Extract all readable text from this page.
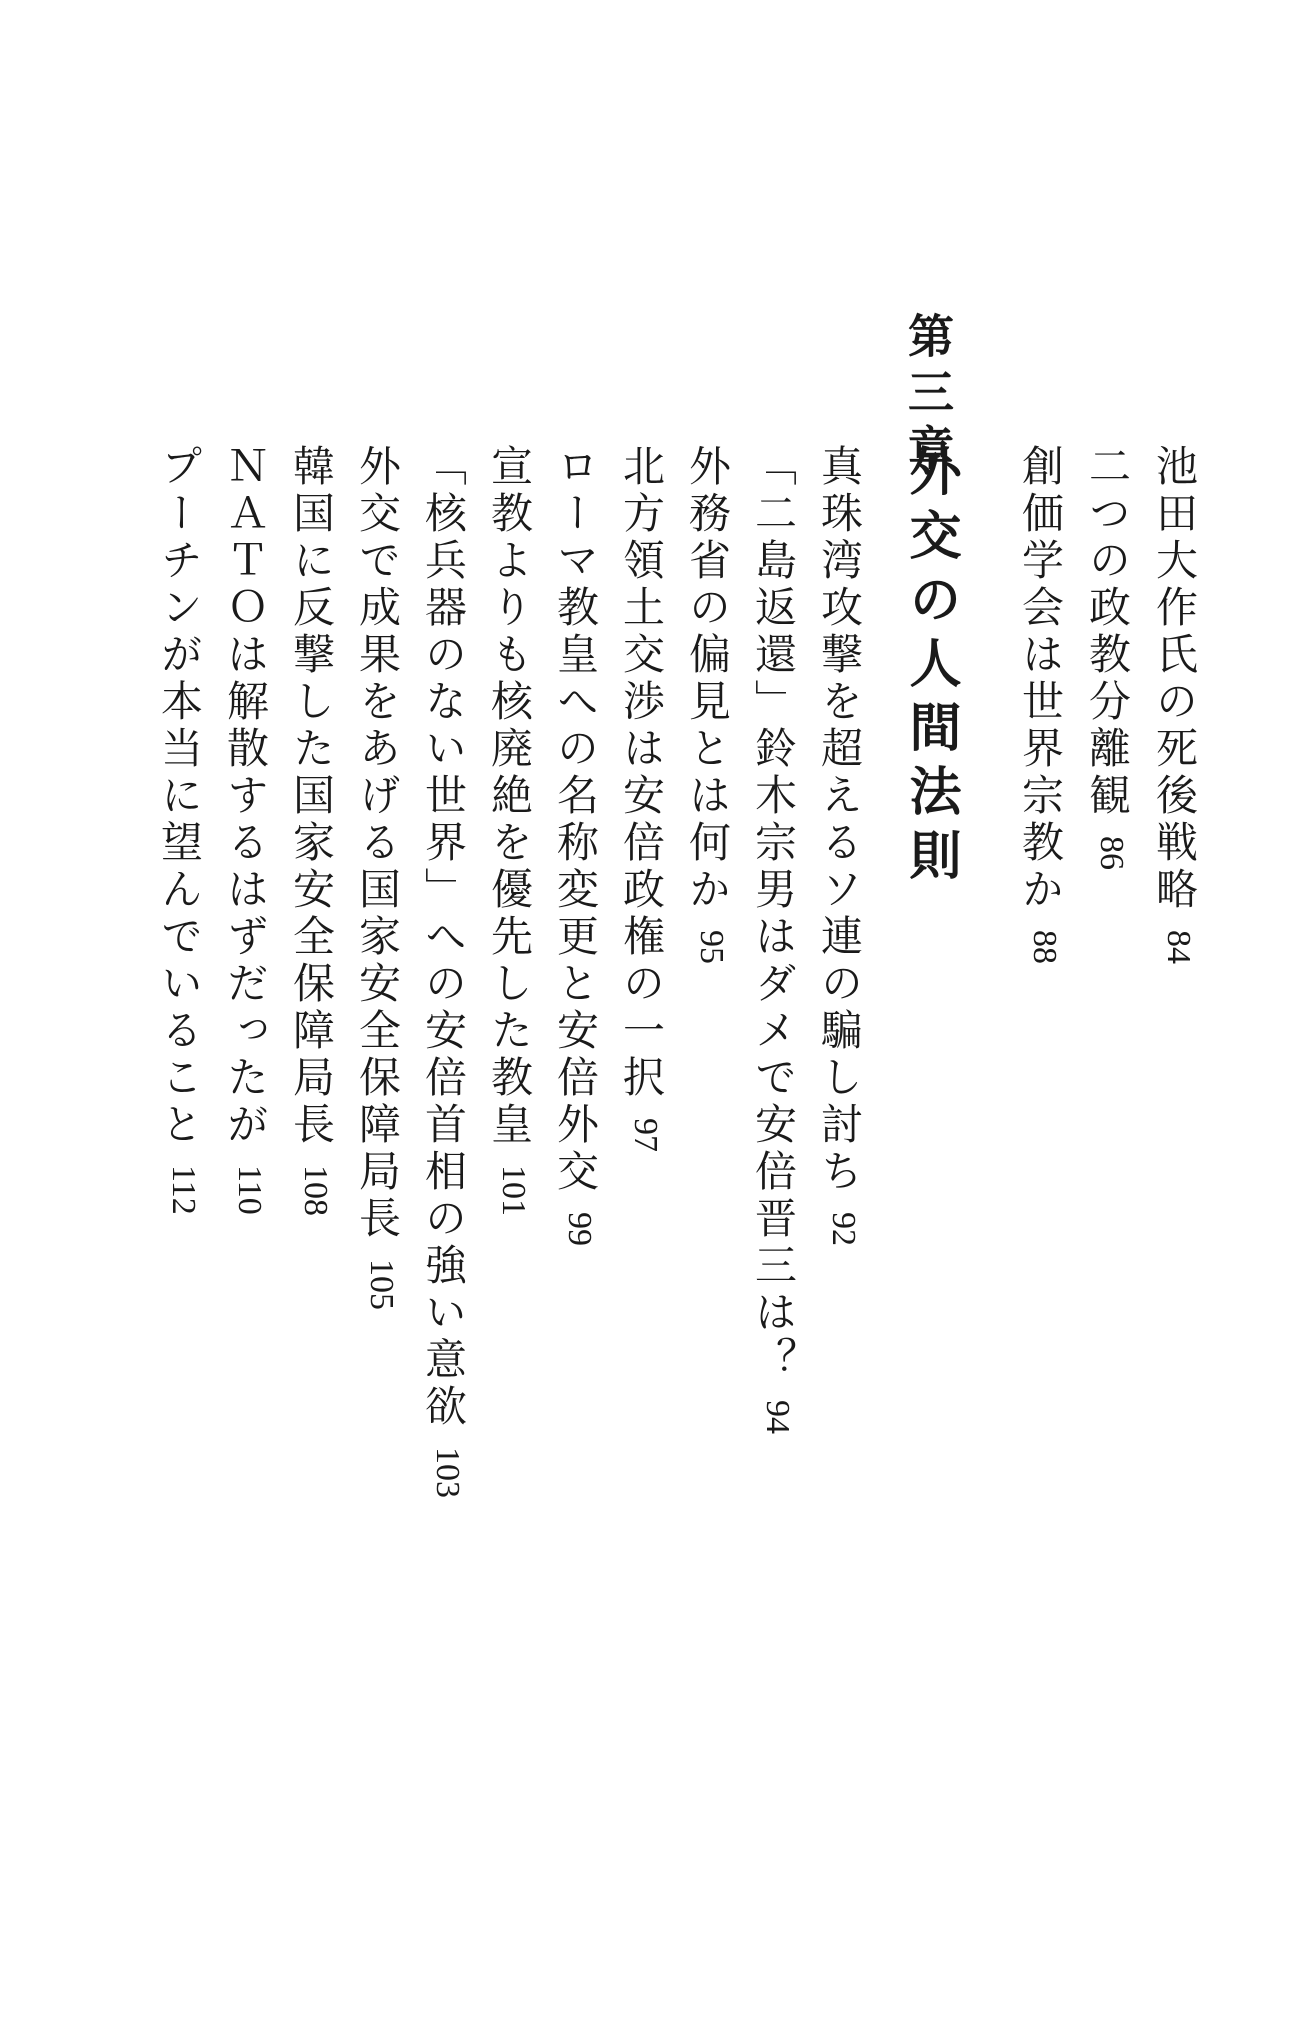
池田大作氏の死後戦略
84
二つの政教分離観
86
創価学会は世界宗教か
88
第三章
外交の人間法則
真珠湾攻撃を超えるソ連の騙し討ち
92
「二島返還」鈴木宗男はダメで安倍晋三は？
94
外務省の偏見とは何か
95
北方領土交渉は安倍政権の一択
97
ローマ教皇への名称変更と安倍外交
99
宣教よりも核廃絶を優先した教皇
101
「核兵器のない世界」への安倍首相の強い意欲
103
外交で成果をあげる国家安全保障局長
105
韓国に反撃した国家安全保障局長
108
ＮＡＴＯは解散するはずだったが
110
プーチンが本当に望んでいること
112
